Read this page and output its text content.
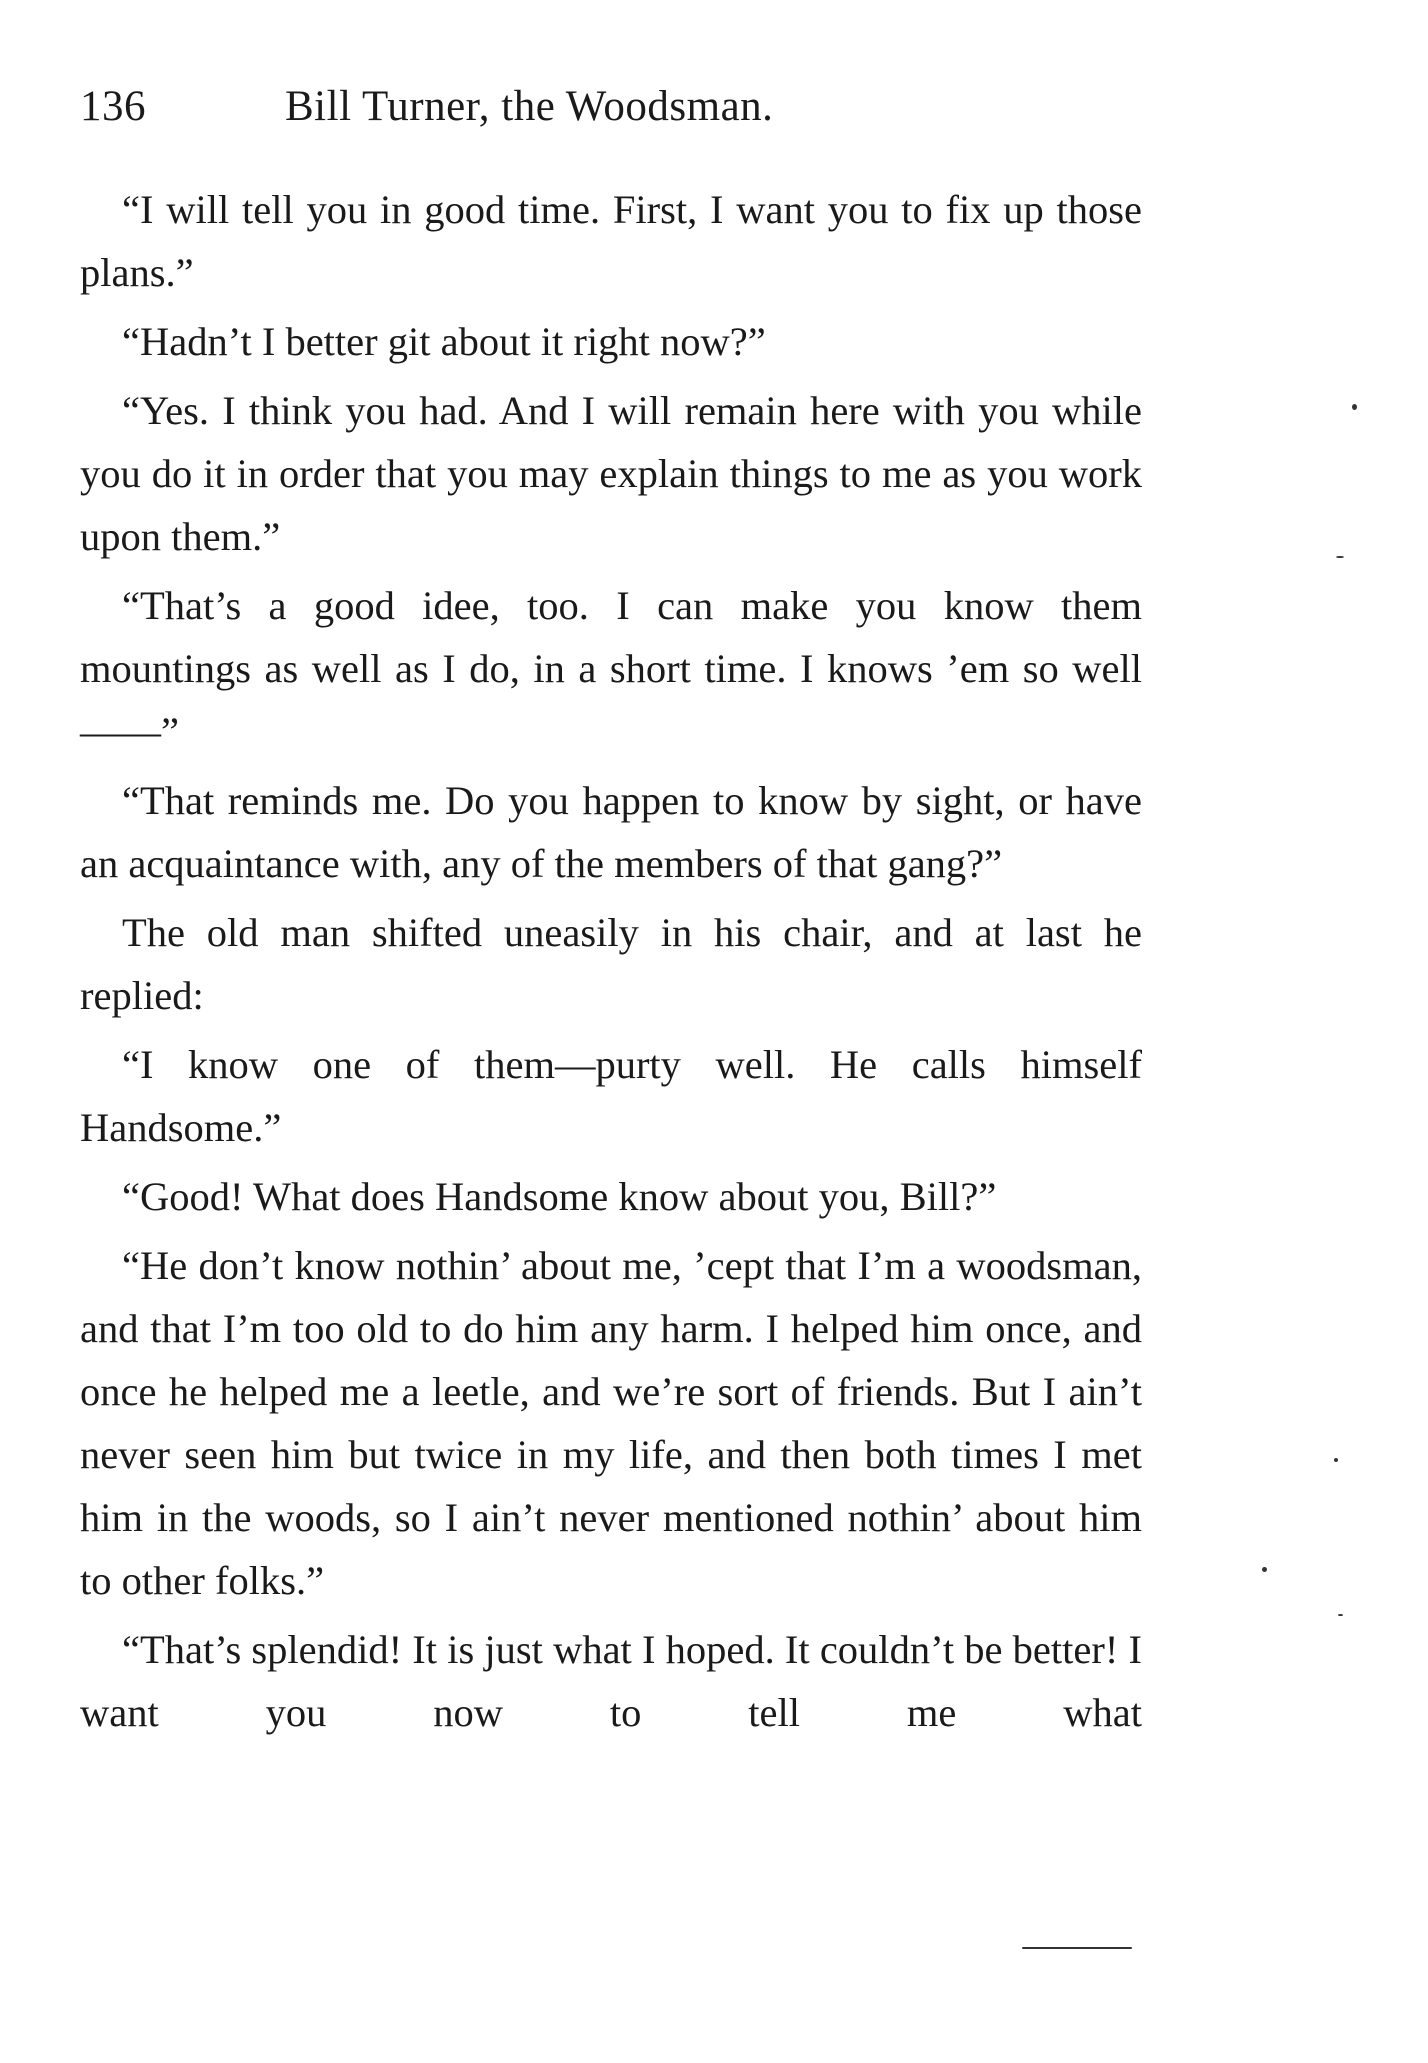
136	Bill Turner, the Woodsman.

“I will tell you in good time. First, I want you to fix up those plans.”

“Hadn’t I better git about it right now?”

“Yes. I think you had. And I will remain here with you while you do it in order that you may explain things to me as you work upon them.”

“That’s a good idee, too. I can make you know them mountings as well as I do, in a short time. I knows ’em so well——”

“That reminds me. Do you happen to know by sight, or have an acquaintance with, any of the members of that gang?”

The old man shifted uneasily in his chair, and at last he replied:

“I know one of them—purty well. He calls himself Handsome.”

“Good! What does Handsome know about you, Bill?”

“He don’t know nothin’ about me, ’cept that I’m a woodsman, and that I’m too old to do him any harm. I helped him once, and once he helped me a leetle, and we’re sort of friends. But I ain’t never seen him but twice in my life, and then both times I met him in the woods, so I ain’t never mentioned nothin’ about him to other folks.”

“That’s splendid! It is just what I hoped. It couldn’t be better! I want you now to tell me what
